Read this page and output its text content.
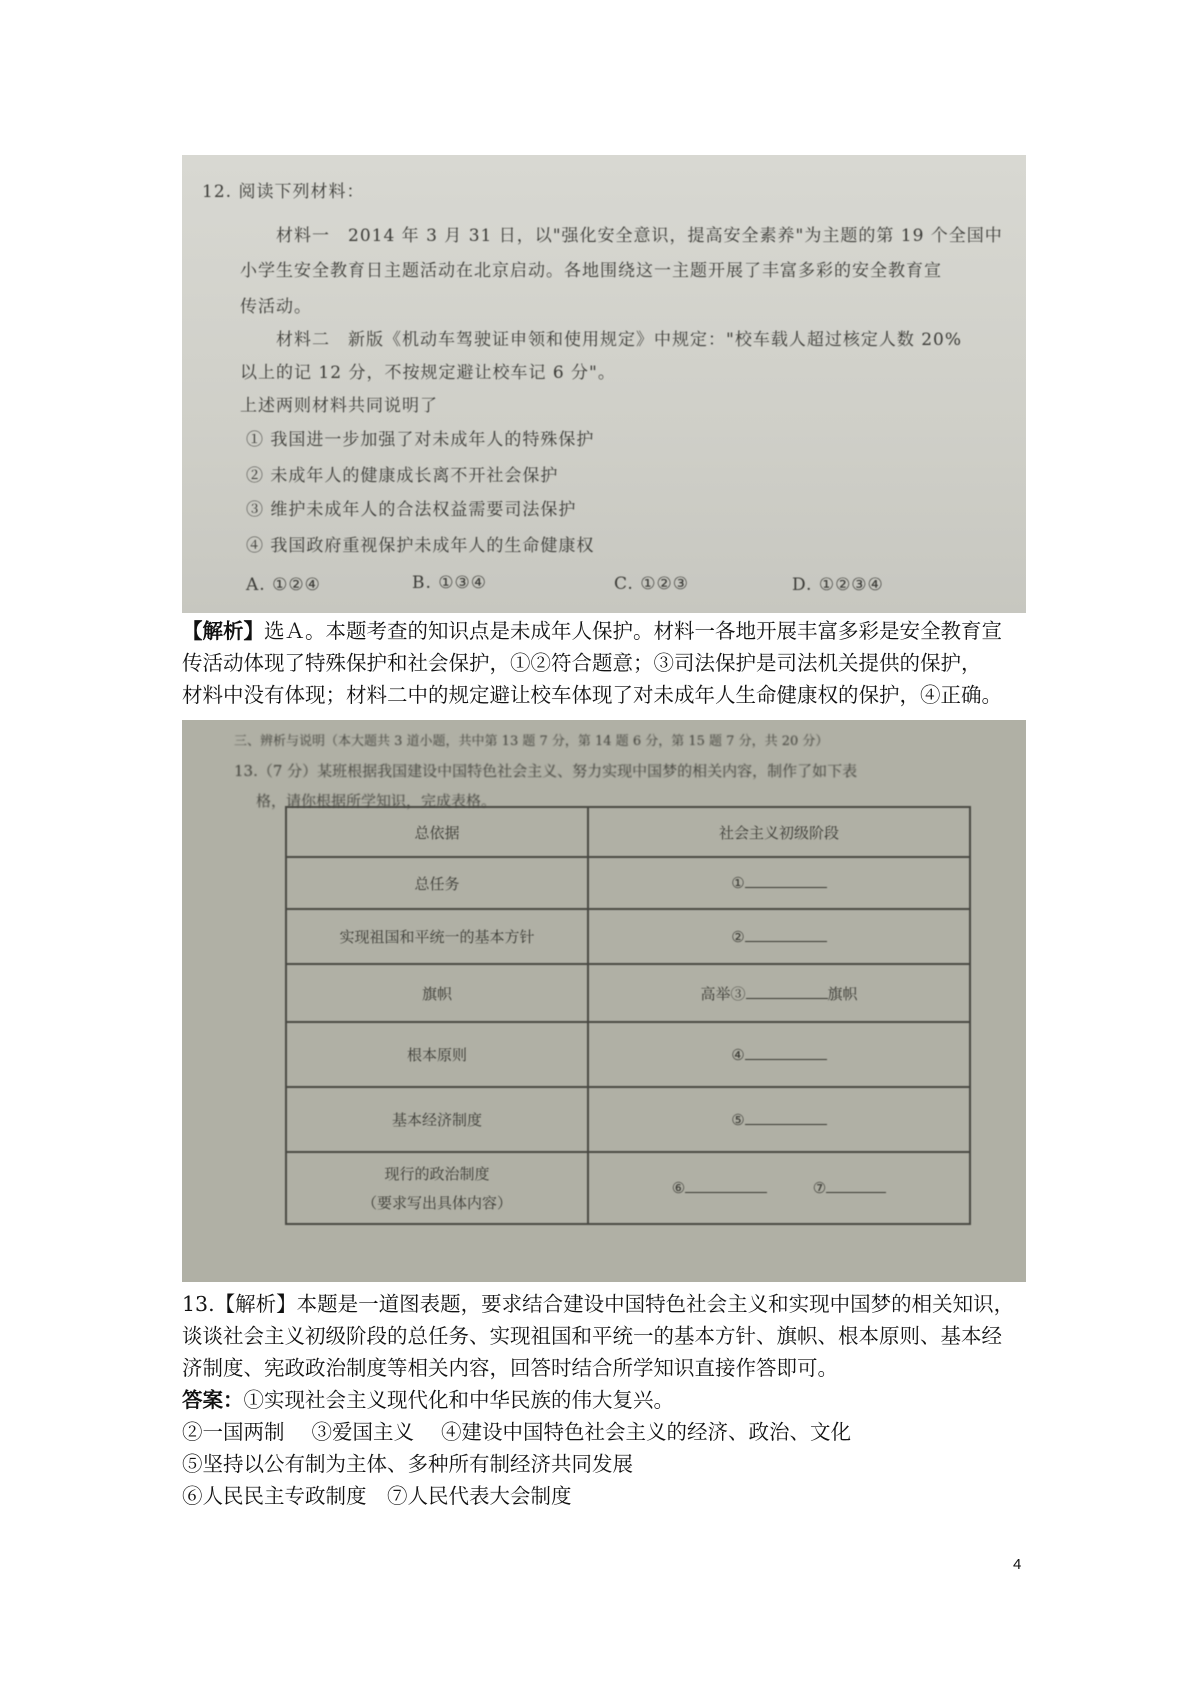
12. 阅读下列材料：
材料一　2014 年 3 月 31 日，以"强化安全意识，提高安全素养"为主题的第 19 个全国中
小学生安全教育日主题活动在北京启动。各地围绕这一主题开展了丰富多彩的安全教育宣
传活动。
材料二　新版《机动车驾驶证申领和使用规定》中规定："校车载人超过核定人数 20%
以上的记 12 分，不按规定避让校车记 6 分"。
上述两则材料共同说明了
① 我国进一步加强了对未成年人的特殊保护
② 未成年人的健康成长离不开社会保护
③ 维护未成年人的合法权益需要司法保护
④ 我国政府重视保护未成年人的生命健康权
A. ①②④	B. ①③④	C. ①②③	D. ①②③④

【解析】选Ａ。本题考查的知识点是未成年人保护。材料一各地开展丰富多彩是安全教育宣

传活动体现了特殊保护和社会保护，①②符合题意；③司法保护是司法机关提供的保护，

材料中没有体现；材料二中的规定避让校车体现了对未成年人生命健康权的保护，④正确。

三、辨析与说明（本大题共 3 道小题，共中第 13 题 7 分，第 14 题 6 分，第 15 题 7 分，共 20 分）
13.（7 分）某班根据我国建设中国特色社会主义、努力实现中国梦的相关内容，制作了如下表
格，请你根据所学知识，完成表格。
总依据	社会主义初级阶段
总任务	①
实现祖国和平统一的基本方针	②
旗帜	高举③ 旗帜
根本原则	④
基本经济制度	⑤

现行的政治制度
（要求写出具体内容）	⑥ ⑦

13.【解析】本题是一道图表题，要求结合建设中国特色社会主义和实现中国梦的相关知识，

谈谈社会主义初级阶段的总任务、实现祖国和平统一的基本方针、旗帜、根本原则、基本经

济制度、宪政政治制度等相关内容，回答时结合所学知识直接作答即可。

答案：①实现社会主义现代化和中华民族的伟大复兴。

②一国两制　 ③爱国主义　 ④建设中国特色社会主义的经济、政治、文化

⑤坚持以公有制为主体、多种所有制经济共同发展

⑥人民民主专政制度　⑦人民代表大会制度

4
